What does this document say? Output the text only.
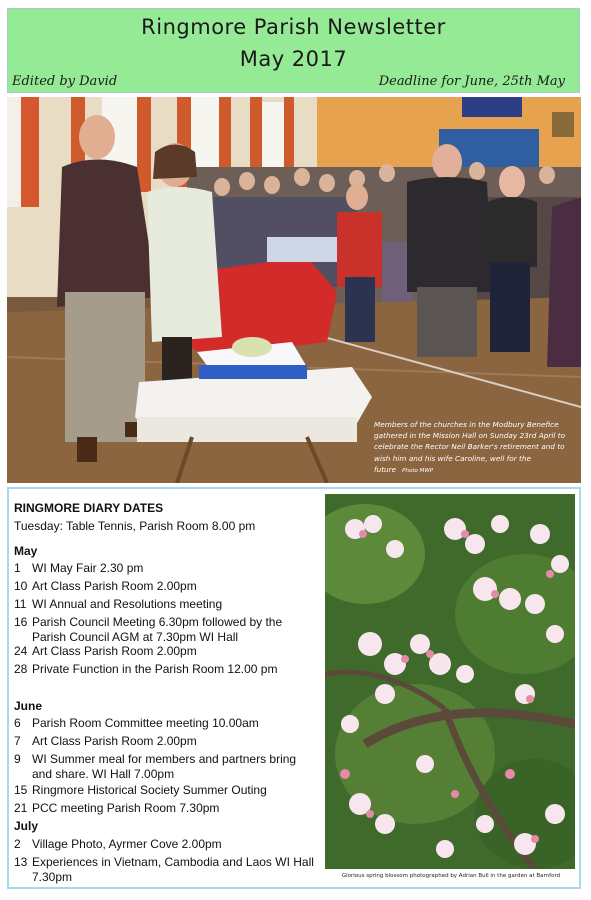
Ringmore Parish Newsletter
May 2017
Edited by David	Deadline for June, 25th May
Members of the churches in the Modbury Benefice gathered in the Mission Hall on Sunday 23rd April to celebrate the Rector Neil Barker's retirement and to wish him and his wife Caroline, well for the future Photo MWP
RINGMORE DIARY DATES
Tuesday: Table Tennis, Parish Room 8.00 pm
May
1 WI May Fair 2.30 pm
10 Art Class Parish Room 2.00pm
11 WI Annual and Resolutions meeting
16 Parish Council Meeting 6.30pm followed by the Parish Council AGM at 7.30pm WI Hall
24 Art Class Parish Room 2.00pm
28 Private Function in the Parish Room 12.00 pm
June
6 Parish Room Committee meeting 10.00am
7 Art Class Parish Room 2.00pm
9 WI Summer meal for members and partners bring and share. WI Hall 7.00pm
15 Ringmore Historical Society Summer Outing
21 PCC meeting Parish Room 7.30pm
July
2 Village Photo, Ayrmer Cove 2.00pm
13 Experiences in Vietnam, Cambodia and Laos WI Hall 7.30pm	Glorious spring blossom photographed by Adrian Bull in the garden at Barnford
